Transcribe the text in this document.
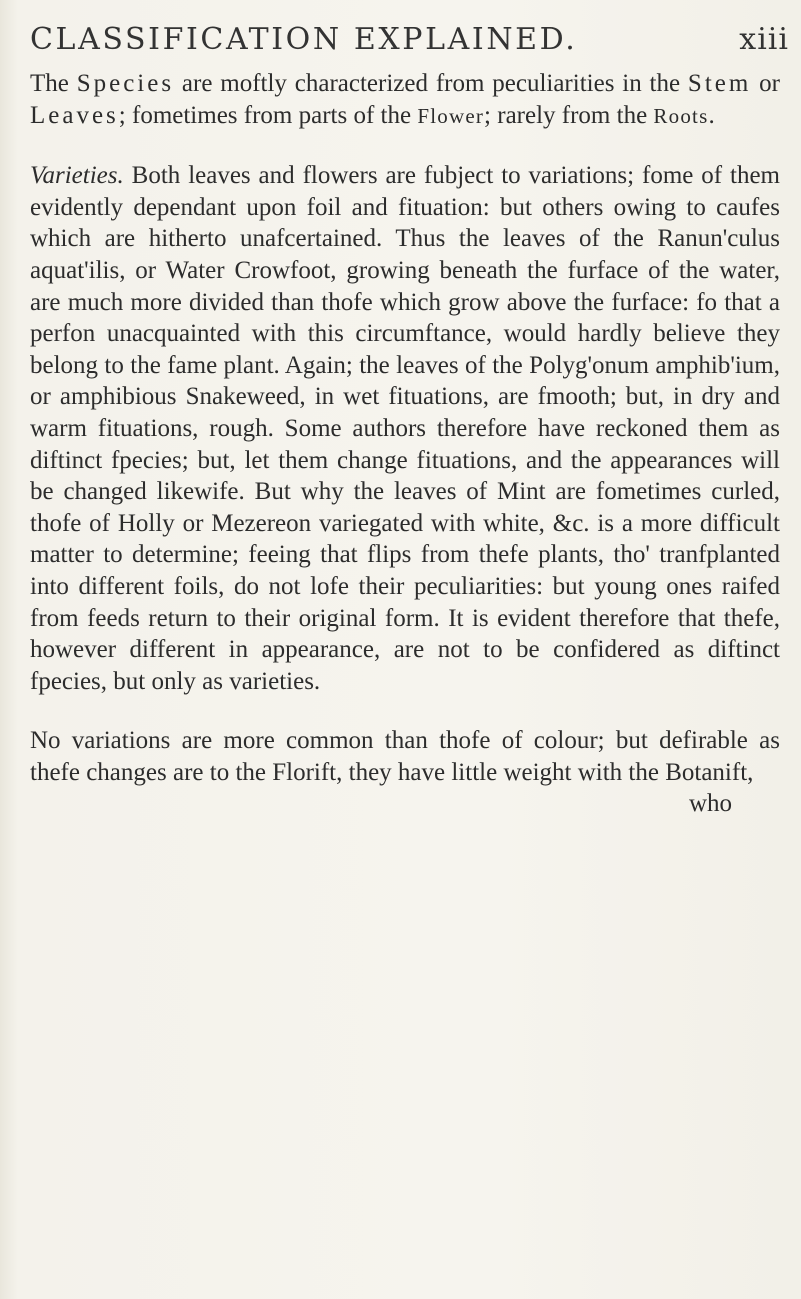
CLASSIFICATION EXPLAINED.	xiii

The Species are moftly characterized from peculiarities in the Stem or Leaves; fometimes from parts of the Flower; rarely from the Roots.

Varieties. Both leaves and flowers are fubject to variations; fome of them evidently dependant upon foil and fituation: but others owing to caufes which are hitherto unafcertained. Thus the leaves of the Ranun'culus aquat'ilis, or Water Crowfoot, growing beneath the furface of the water, are much more divided than thofe which grow above the furface: fo that a perfon unacquainted with this circumftance, would hardly believe they belong to the fame plant. Again; the leaves of the Polyg'onum amphib'ium, or amphibious Snakeweed, in wet fituations, are fmooth; but, in dry and warm fituations, rough. Some authors therefore have reckoned them as diftinct fpecies; but, let them change fituations, and the appearances will be changed likewife. But why the leaves of Mint are fometimes curled, thofe of Holly or Mezereon variegated with white, &c. is a more difficult matter to determine; feeing that flips from thefe plants, tho' tranfplanted into different foils, do not lofe their peculiarities: but young ones raifed from feeds return to their original form. It is evident therefore that thefe, however different in appearance, are not to be confidered as diftinct fpecies, but only as varieties.

No variations are more common than thofe of colour; but defirable as thefe changes are to the Florift, they have little weight with the Botanift,
who
